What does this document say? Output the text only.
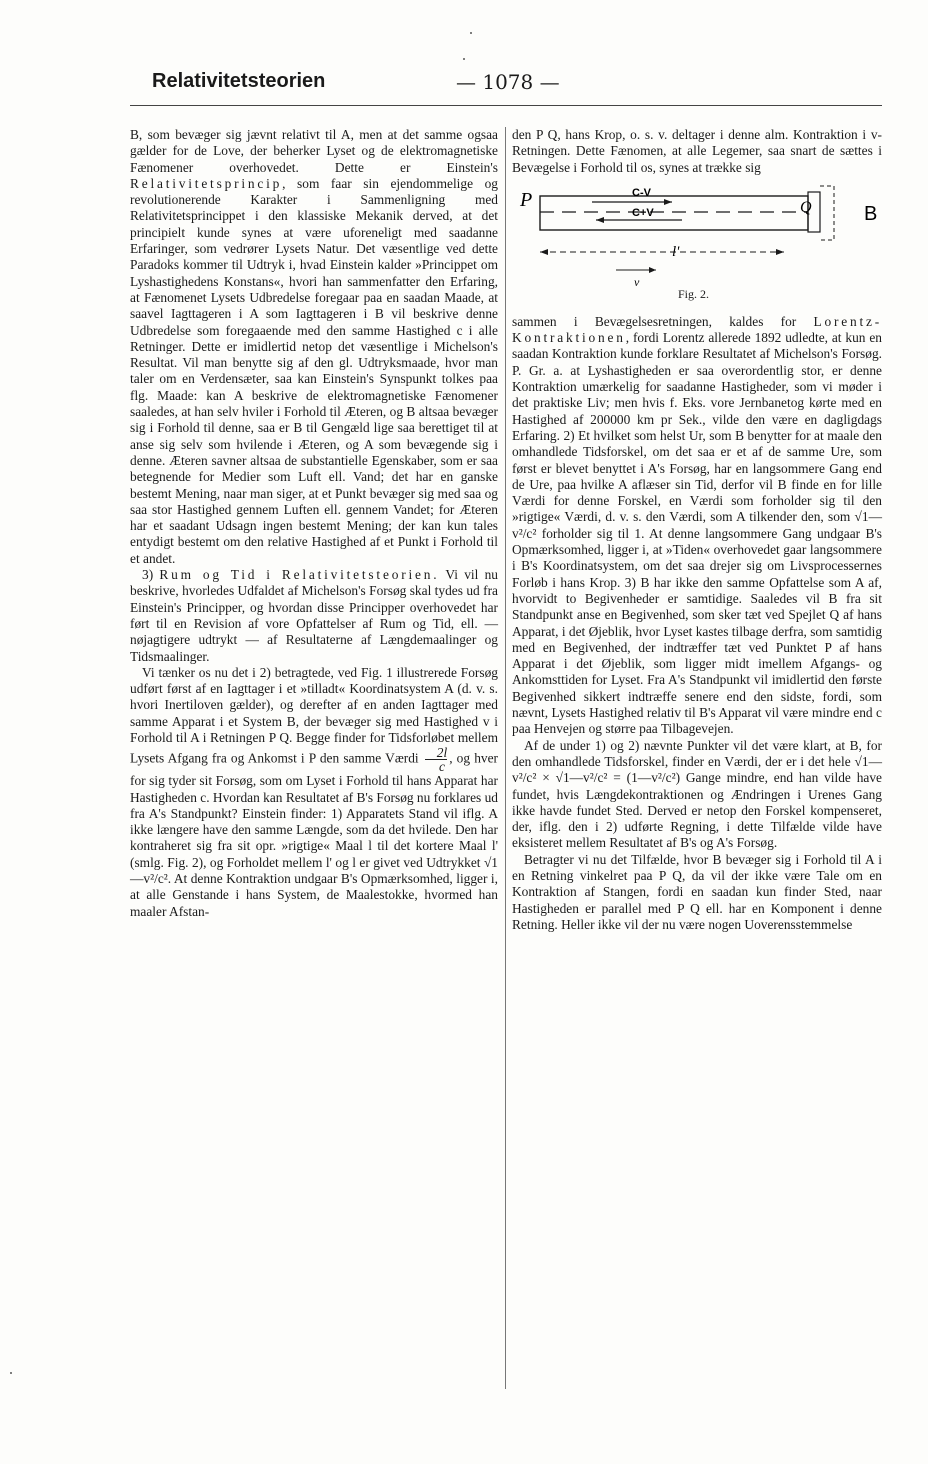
Relativitetsteorien	— 1078 —

B, som bevæger sig jævnt relativt til A, men at det samme ogsaa gælder for de Love, der beherker Lyset og de elektromagnetiske Fænomener overhovedet. Dette er Einstein's Relativitetsprincip, som faar sin ejendommelige og revolutionerende Karakter i Sammenligning med Relativitetsprincippet i den klassiske Mekanik derved, at det principielt kunde synes at være uforeneligt med saadanne Erfaringer, som vedrører Lysets Natur. Det væsentlige ved dette Paradoks kommer til Udtryk i, hvad Einstein kalder »Princippet om Lyshastighedens Konstans«, hvori han sammenfatter den Erfaring, at Fænomenet Lysets Udbredelse foregaar paa en saadan Maade, at saavel Iagttageren i A som Iagttageren i B vil beskrive denne Udbredelse som foregaaende med den samme Hastighed c i alle Retninger. Dette er imidlertid netop det væsentlige i Michelson's Resultat. Vil man benytte sig af den gl. Udtryksmaade, hvor man taler om en Verdensæter, saa kan Einstein's Synspunkt tolkes paa flg. Maade: kan A beskrive de elektromagnetiske Fænomener saaledes, at han selv hviler i Forhold til Æteren, og B altsaa bevæger sig i Forhold til denne, saa er B til Gengæld lige saa berettiget til at anse sig selv som hvilende i Æteren, og A som bevægende sig i denne. Æteren savner altsaa de substantielle Egenskaber, som er saa betegnende for Medier som Luft ell. Vand; det har en ganske bestemt Mening, naar man siger, at et Punkt bevæger sig med saa og saa stor Hastighed gennem Luften ell. gennem Vandet; for Æteren har et saadant Udsagn ingen bestemt Mening; der kan kun tales entydigt bestemt om den relative Hastighed af et Punkt i Forhold til et andet.

3) Rum og Tid i Relativitetsteorien. Vi vil nu beskrive, hvorledes Udfaldet af Michelson's Forsøg skal tydes ud fra Einstein's Principper, og hvordan disse Principper overhovedet har ført til en Revision af vore Opfattelser af Rum og Tid, ell. — nøjagtigere udtrykt — af Resultaterne af Længdemaalinger og Tidsmaalinger.

Vi tænker os nu det i 2) betragtede, ved Fig. 1 illustrerede Forsøg udført først af en Iagttager i et »tilladt« Koordinatsystem A (d. v. s. hvori Inertiloven gælder), og derefter af en anden Iagttager med samme Apparat i et System B, der bevæger sig med Hastighed v i Forhold til A i Retningen P Q. Begge finder for Tidsforløbet mellem Lysets Afgang fra og Ankomst i P den samme Værdi $\frac{2l}{c}$ , og hver for sig tyder sit Forsøg, som om Lyset i Forhold til hans Apparat har Hastigheden c. Hvordan kan Resultatet af B's Forsøg nu forklares ud fra A's Standpunkt? Einstein finder: 1) Apparatets Stand vil iflg. A ikke længere have den samme Længde, som da det hvilede. Den har kontraheret sig fra sit opr. »rigtige« Maal l til det kortere Maal l' (smlg. Fig. 2), og Forholdet mellem l' og l er givet ved Udtrykket √1—v²/c². At denne Kontraktion undgaar B's Opmærksomhed, ligger i, at alle Genstande i hans System, de Maalestokke, hvormed han maaler Afstan-

den P Q, hans Krop, o. s. v. deltager i denne alm. Kontraktion i v-Retningen. Dette Fænomen, at alle Legemer, saa snart de sættes i Bevægelse i Forhold til os, synes at trække sig

P	Q	B
C-V
C+V
l'
v
Fig. 2.

sammen i Bevægelsesretningen, kaldes for Lorentz-Kontraktionen, fordi Lorentz allerede 1892 udledte, at kun en saadan Kontraktion kunde forklare Resultatet af Michelson's Forsøg. P. Gr. a. at Lyshastigheden er saa overordentlig stor, er denne Kontraktion umærkelig for saadanne Hastigheder, som vi møder i det praktiske Liv; men hvis f. Eks. vore Jernbanetog kørte med en Hastighed af 200000 km pr Sek., vilde den være en dagligdags Erfaring. 2) Et hvilket som helst Ur, som B benytter for at maale den omhandlede Tidsforskel, om det saa er et af de samme Ure, som først er blevet benyttet i A's Forsøg, har en langsommere Gang end de Ure, paa hvilke A aflæser sin Tid, derfor vil B finde en for lille Værdi for denne Forskel, en Værdi som forholder sig til den »rigtige« Værdi, d. v. s. den Værdi, som A tilkender den, som √1—v²/c² forholder sig til 1. At denne langsommere Gang undgaar B's Opmærksomhed, ligger i, at »Tiden« overhovedet gaar langsommere i B's Koordinatsystem, om det saa drejer sig om Livsprocessernes Forløb i hans Krop. 3) B har ikke den samme Opfattelse som A af, hvorvidt to Begivenheder er samtidige. Saaledes vil B fra sit Standpunkt anse en Begivenhed, som sker tæt ved Spejlet Q af hans Apparat, i det Øjeblik, hvor Lyset kastes tilbage derfra, som samtidig med en Begivenhed, der indtræffer tæt ved Punktet P af hans Apparat i det Øjeblik, som ligger midt imellem Afgangs- og Ankomsttiden for Lyset. Fra A's Standpunkt vil imidlertid den første Begivenhed sikkert indtræffe senere end den sidste, fordi, som nævnt, Lysets Hastighed relativ til B's Apparat vil være mindre end c paa Henvejen og større paa Tilbagevejen.

Af de under 1) og 2) nævnte Punkter vil det være klart, at B, for den omhandlede Tidsforskel, finder en Værdi, der er i det hele √1—v²/c² × √1—v²/c² = (1—v²/c²) Gange mindre, end han vilde have fundet, hvis Længdekontraktionen og Ændringen i Urenes Gang ikke havde fundet Sted. Derved er netop den Forskel kompenseret, der, iflg. den i 2) udførte Regning, i dette Tilfælde vilde have eksisteret mellem Resultatet af B's og A's Forsøg.

Betragter vi nu det Tilfælde, hvor B bevæger sig i Forhold til A i en Retning vinkelret paa P Q, da vil der ikke være Tale om en Kontraktion af Stangen, fordi en saadan kun finder Sted, naar Hastigheden er parallel med P Q ell. har en Komponent i denne Retning. Heller ikke vil der nu være nogen Uoverensstemmelse
